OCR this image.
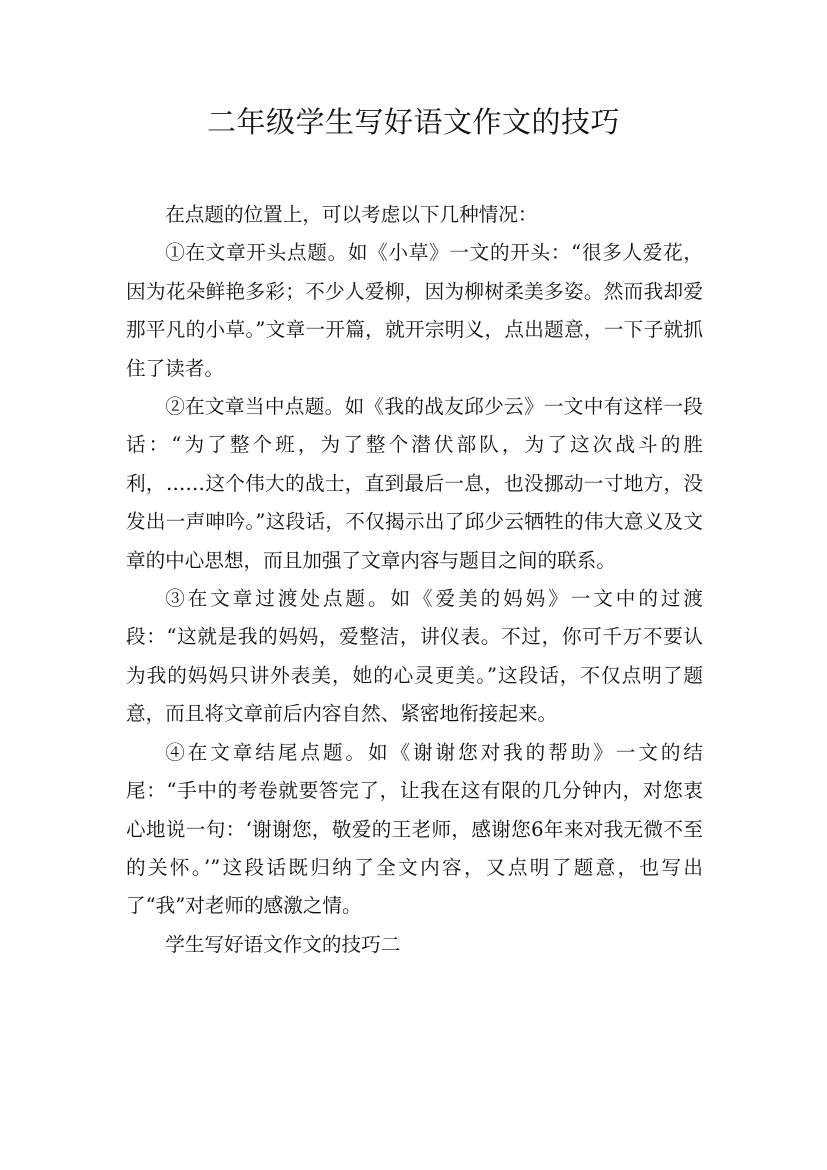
二年级学生写好语文作文的技巧

在点题的位置上，可以考虑以下几种情况：

①在文章开头点题。如《小草》一文的开头：“很多人爱花，因为花朵鲜艳多彩；不少人爱柳，因为柳树柔美多姿。然而我却爱那平凡的小草。”文章一开篇，就开宗明义，点出题意，一下子就抓住了读者。

②在文章当中点题。如《我的战友邱少云》一文中有这样一段话：“为了整个班，为了整个潜伏部队，为了这次战斗的胜利，……这个伟大的战士，直到最后一息，也没挪动一寸地方，没发出一声呻吟。”这段话，不仅揭示出了邱少云牺牲的伟大意义及文章的中心思想，而且加强了文章内容与题目之间的联系。

③在文章过渡处点题。如《爱美的妈妈》一文中的过渡段：“这就是我的妈妈，爱整洁，讲仪表。不过，你可千万不要认为我的妈妈只讲外表美，她的心灵更美。”这段话，不仅点明了题意，而且将文章前后内容自然、紧密地衔接起来。

④在文章结尾点题。如《谢谢您对我的帮助》一文的结尾：“手中的考卷就要答完了，让我在这有限的几分钟内，对您衷心地说一句：‘谢谢您，敬爱的王老师，感谢您6年来对我无微不至的关怀。’”这段话既归纳了全文内容，又点明了题意，也写出了“我”对老师的感激之情。

学生写好语文作文的技巧二
